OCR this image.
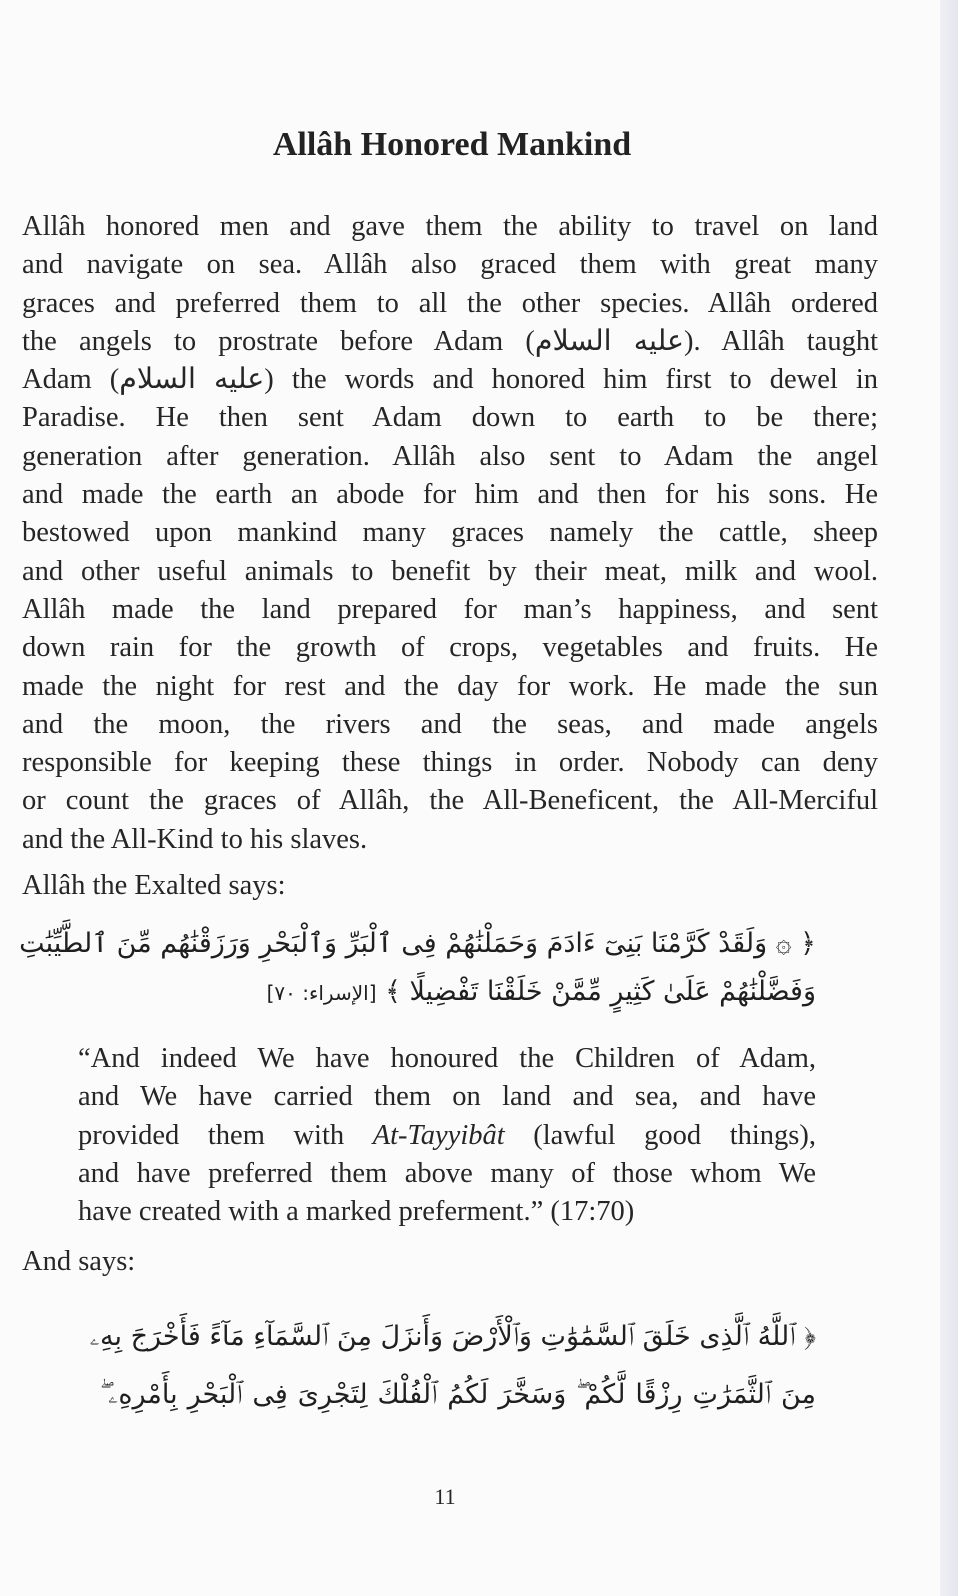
Allâh Honored Mankind
Allâh honored men and gave them the ability to travel on land
and navigate on sea. Allâh also graced them with great many
graces and preferred them to all the other species. Allâh ordered
the angels to prostrate before Adam (عليه السلام). Allâh taught
Adam (عليه السلام) the words and honored him first to dewel in
Paradise. He then sent Adam down to earth to be there;
generation after generation. Allâh also sent to Adam the angel
and made the earth an abode for him and then for his sons. He
bestowed upon mankind many graces namely the cattle, sheep
and other useful animals to benefit by their meat, milk and wool.
Allâh made the land prepared for man’s happiness, and sent
down rain for the growth of crops, vegetables and fruits. He
made the night for rest and the day for work. He made the sun
and the moon, the rivers and the seas, and made angels
responsible for keeping these things in order. Nobody can deny
or count the graces of Allâh, the All-Beneficent, the All-Merciful
and the All-Kind to his slaves.
Allâh the Exalted says:
﴿ ۞ وَلَقَدْ كَرَّمْنَا بَنِىٓ ءَادَمَ وَحَمَلْنَٰهُمْ فِى ٱلْبَرِّ وَٱلْبَحْرِ وَرَزَقْنَٰهُم مِّنَ ٱلطَّيِّبَٰتِ
وَفَضَّلْنَٰهُمْ عَلَىٰ كَثِيرٍ مِّمَّنْ خَلَقْنَا تَفْضِيلًا ﴾ [الإسراء: ٧٠]
“And indeed We have honoured the Children of Adam,
and We have carried them on land and sea, and have
provided them with At-Tayyibât (lawful good things),
and have preferred them above many of those whom We
have created with a marked preferment.” (17:70)
And says:
﴿ ٱللَّهُ ٱلَّذِى خَلَقَ ٱلسَّمَٰوَٰتِ وَٱلْأَرْضَ وَأَنزَلَ مِنَ ٱلسَّمَآءِ مَآءً فَأَخْرَجَ بِهِۦ
مِنَ ٱلثَّمَرَٰتِ رِزْقًا لَّكُمْ ۖ وَسَخَّرَ لَكُمُ ٱلْفُلْكَ لِتَجْرِىَ فِى ٱلْبَحْرِ بِأَمْرِهِۦ ۖ
11
